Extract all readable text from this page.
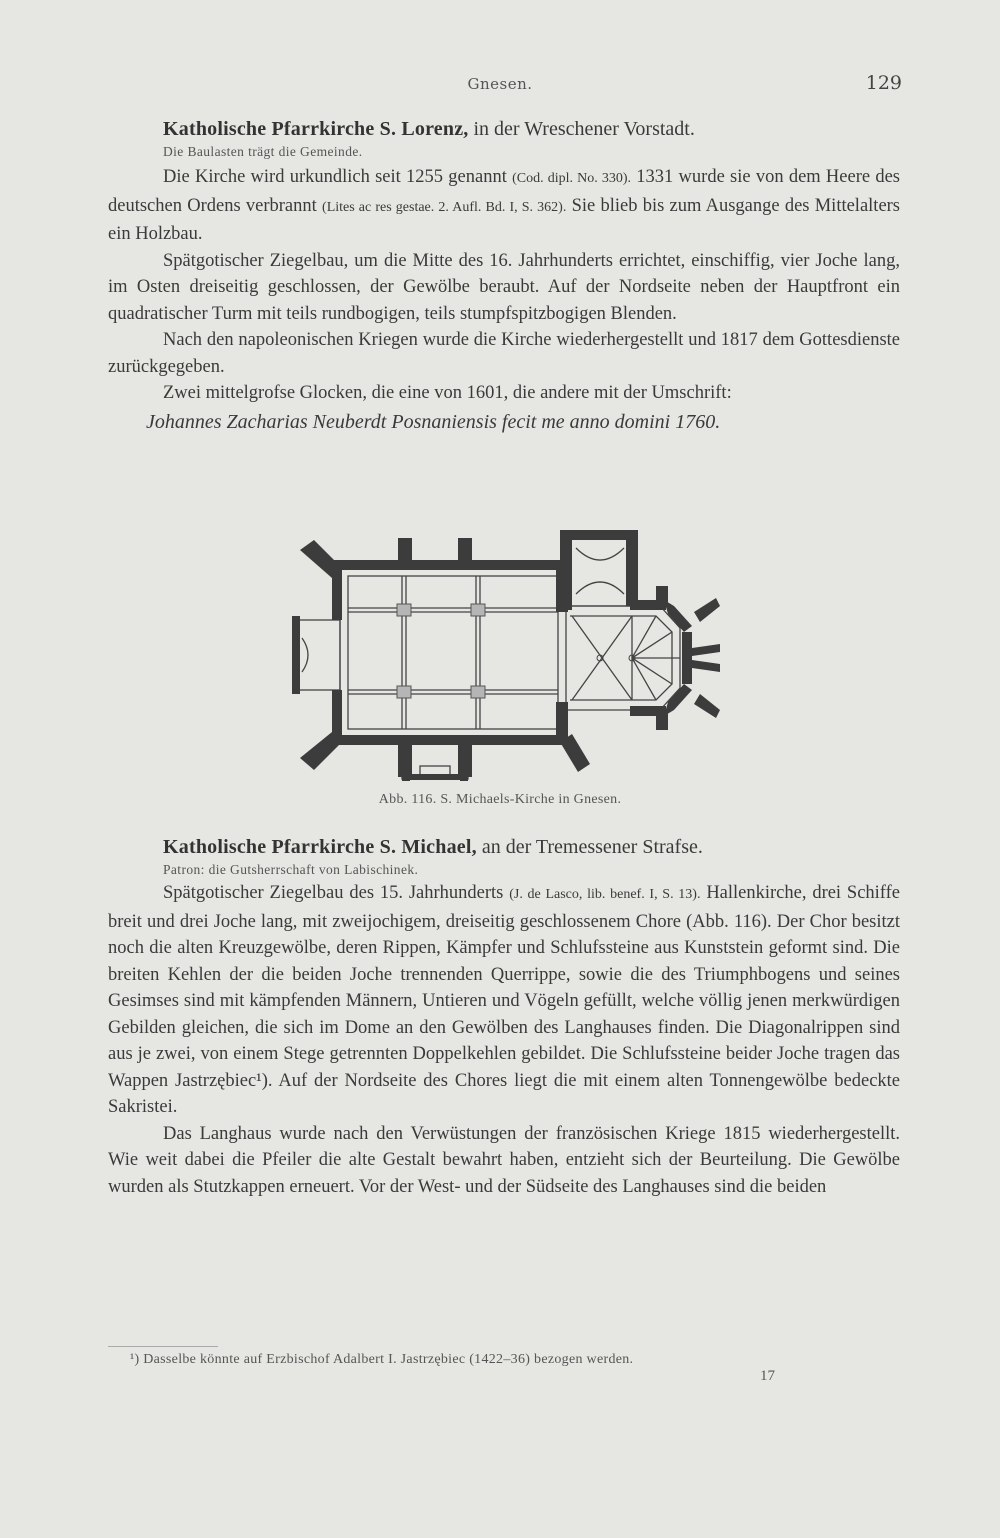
Gnesen.	129

Katholische Pfarrkirche S. Lorenz, in der Wreschener Vorstadt.

Die Baulasten trägt die Gemeinde.

Die Kirche wird urkundlich seit 1255 genannt (Cod. dipl. No. 330). 1331 wurde sie von dem Heere des deutschen Ordens verbrannt (Lites ac res gestae. 2. Aufl. Bd. I, S. 362). Sie blieb bis zum Ausgange des Mittelalters ein Holzbau.

Spätgotischer Ziegelbau, um die Mitte des 16. Jahrhunderts errichtet, einschiffig, vier Joche lang, im Osten dreiseitig geschlossen, der Gewölbe beraubt. Auf der Nordseite neben der Hauptfront ein quadratischer Turm mit teils rundbogigen, teils stumpfspitzbogigen Blenden.

Nach den napoleonischen Kriegen wurde die Kirche wiederhergestellt und 1817 dem Gottesdienste zurückgegeben.

Zwei mittelgrofse Glocken, die eine von 1601, die andere mit der Umschrift:

Johannes Zacharias Neuberdt Posnaniensis fecit me anno domini 1760.

Abb. 116. S. Michaels-Kirche in Gnesen.

Katholische Pfarrkirche S. Michael, an der Tremessener Strafse.

Patron: die Gutsherrschaft von Labischinek.

Spätgotischer Ziegelbau des 15. Jahrhunderts (J. de Lasco, lib. benef. I, S. 13). Hallenkirche, drei Schiffe breit und drei Joche lang, mit zweijochigem, dreiseitig geschlossenem Chore (Abb. 116). Der Chor besitzt noch die alten Kreuzgewölbe, deren Rippen, Kämpfer und Schlufssteine aus Kunststein geformt sind. Die breiten Kehlen der die beiden Joche trennenden Querrippe, sowie die des Triumphbogens und seines Gesimses sind mit kämpfenden Männern, Untieren und Vögeln gefüllt, welche völlig jenen merkwürdigen Gebilden gleichen, die sich im Dome an den Gewölben des Langhauses finden. Die Diagonalrippen sind aus je zwei, von einem Stege getrennten Doppelkehlen gebildet. Die Schlufssteine beider Joche tragen das Wappen Jastrzębiec¹). Auf der Nordseite des Chores liegt die mit einem alten Tonnengewölbe bedeckte Sakristei.

Das Langhaus wurde nach den Verwüstungen der französischen Kriege 1815 wiederhergestellt. Wie weit dabei die Pfeiler die alte Gestalt bewahrt haben, entzieht sich der Beurteilung. Die Gewölbe wurden als Stutzkappen erneuert. Vor der West- und der Südseite des Langhauses sind die beiden

¹) Dasselbe könnte auf Erzbischof Adalbert I. Jastrzębiec (1422–36) bezogen werden.
17
